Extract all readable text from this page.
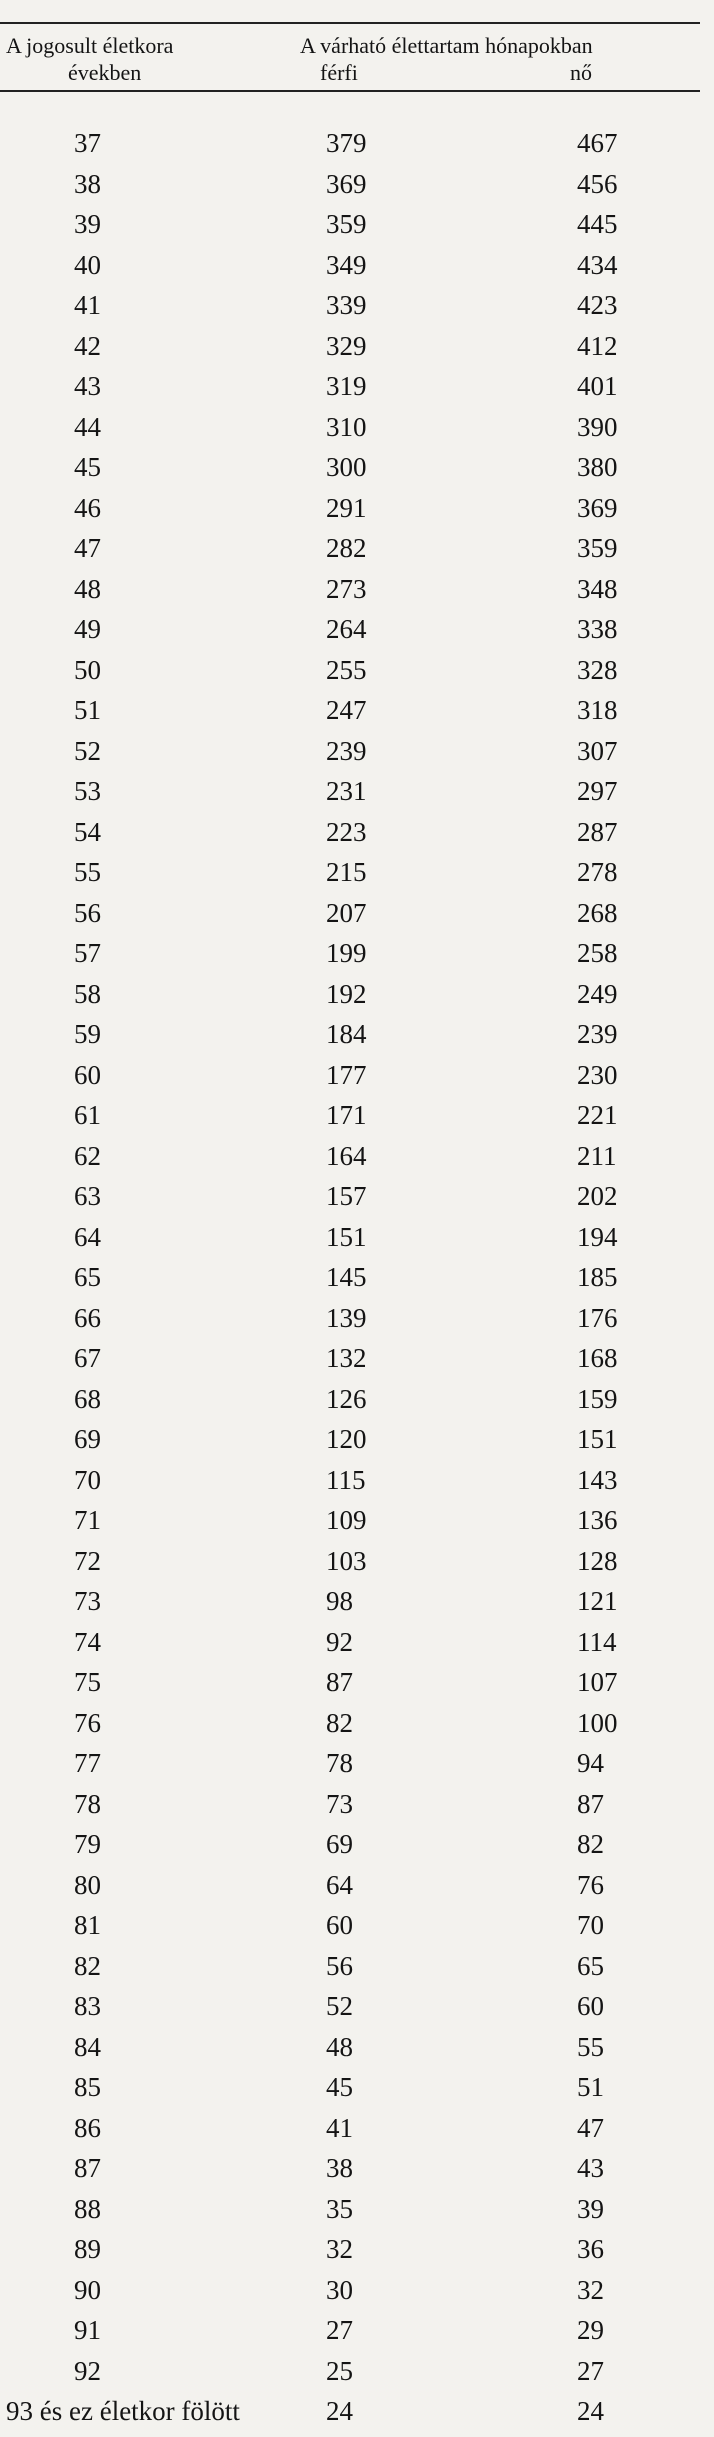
A jogosult életkora
években
A várható élettartam hónapokban
férfi	nő
37	379	467
38	369	456
39	359	445
40	349	434
41	339	423
42	329	412
43	319	401
44	310	390
45	300	380
46	291	369
47	282	359
48	273	348
49	264	338
50	255	328
51	247	318
52	239	307
53	231	297
54	223	287
55	215	278
56	207	268
57	199	258
58	192	249
59	184	239
60	177	230
61	171	221
62	164	211
63	157	202
64	151	194
65	145	185
66	139	176
67	132	168
68	126	159
69	120	151
70	115	143
71	109	136
72	103	128
73	98	121
74	92	114
75	87	107
76	82	100
77	78	94
78	73	87
79	69	82
80	64	76
81	60	70
82	56	65
83	52	60
84	48	55
85	45	51
86	41	47
87	38	43
88	35	39
89	32	36
90	30	32
91	27	29
92	25	27
93 és ez életkor fölött	24	24
